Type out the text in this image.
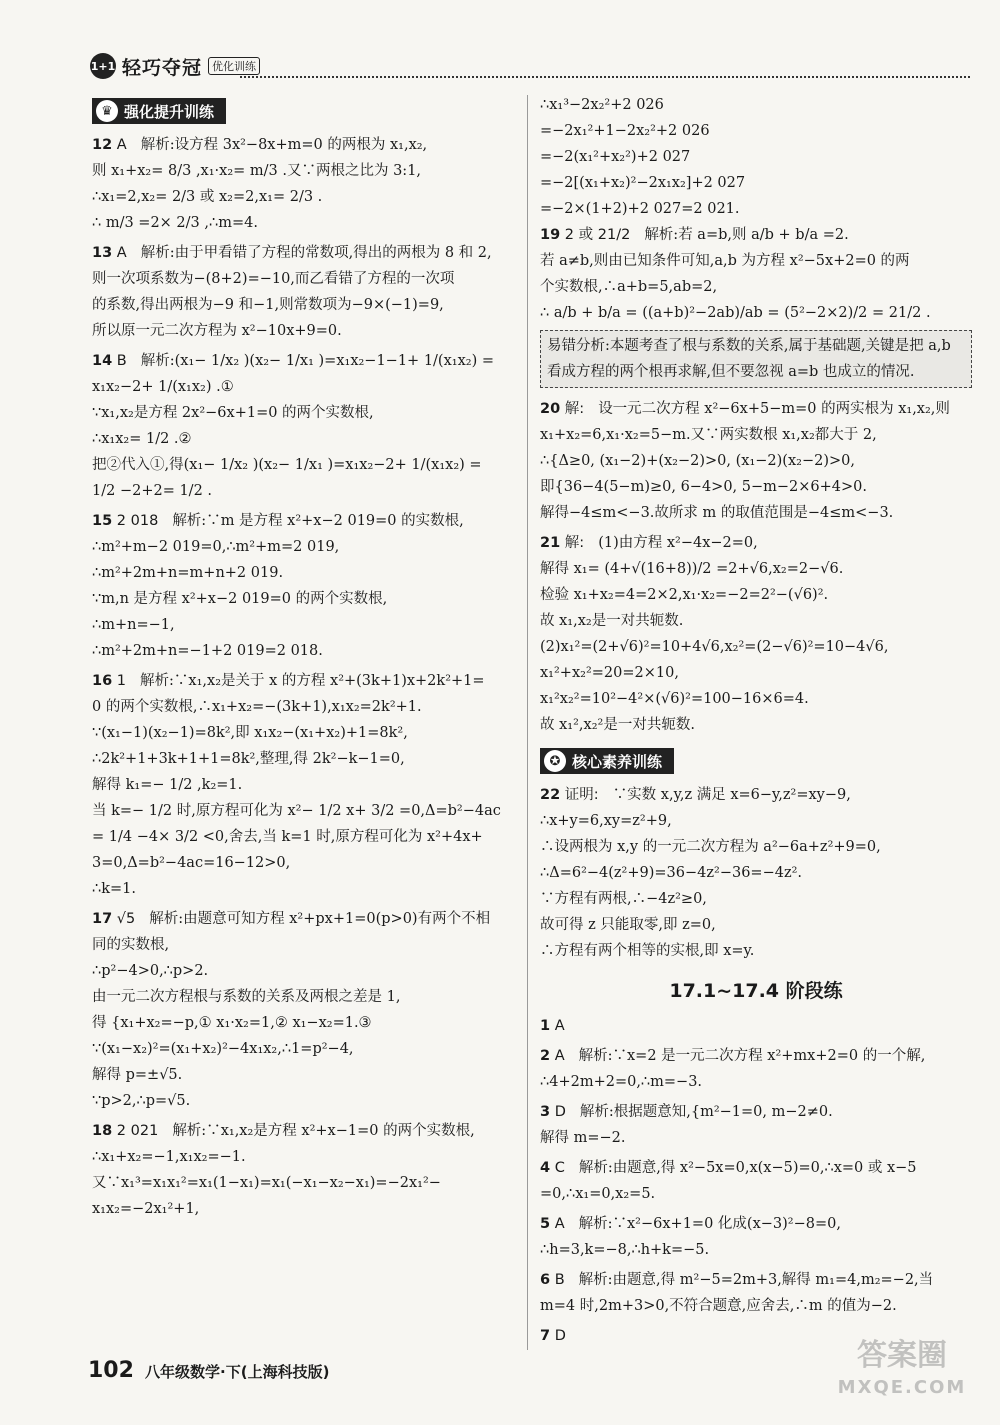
1+1 轻巧夺冠 优化训练
♛ 强化提升训练
12 A 解析:设方程 3x²−8x+m=0 的两根为 x₁,x₂,
则 x₁+x₂= 8/3 ,x₁·x₂= m/3 .又∵两根之比为 3:1,
∴x₁=2,x₂= 2/3 或 x₂=2,x₁= 2/3 .
∴ m/3 =2× 2/3 ,∴m=4.
13 A 解析:由于甲看错了方程的常数项,得出的两根为 8 和 2,
则一次项系数为−(8+2)=−10,而乙看错了方程的一次项
的系数,得出两根为−9 和−1,则常数项为−9×(−1)=9,
所以原一元二次方程为 x²−10x+9=0.
14 B 解析:(x₁− 1/x₂ )(x₂− 1/x₁ )=x₁x₂−1−1+ 1/(x₁x₂) =
x₁x₂−2+ 1/(x₁x₂) .①
∵x₁,x₂是方程 2x²−6x+1=0 的两个实数根,
∴x₁x₂= 1/2 .②
把②代入①,得(x₁− 1/x₂ )(x₂− 1/x₁ )=x₁x₂−2+ 1/(x₁x₂) =
1/2 −2+2= 1/2 .
15 2 018 解析:∵m 是方程 x²+x−2 019=0 的实数根,
∴m²+m−2 019=0,∴m²+m=2 019,
∴m²+2m+n=m+n+2 019.
∵m,n 是方程 x²+x−2 019=0 的两个实数根,
∴m+n=−1,
∴m²+2m+n=−1+2 019=2 018.
16 1 解析:∵x₁,x₂是关于 x 的方程 x²+(3k+1)x+2k²+1=
0 的两个实数根,∴x₁+x₂=−(3k+1),x₁x₂=2k²+1.
∵(x₁−1)(x₂−1)=8k²,即 x₁x₂−(x₁+x₂)+1=8k²,
∴2k²+1+3k+1+1=8k²,整理,得 2k²−k−1=0,
解得 k₁=− 1/2 ,k₂=1.
当 k=− 1/2 时,原方程可化为 x²− 1/2 x+ 3/2 =0,Δ=b²−4ac
= 1/4 −4× 3/2 <0,舍去,当 k=1 时,原方程可化为 x²+4x+
3=0,Δ=b²−4ac=16−12>0,
∴k=1.
17 √5 解析:由题意可知方程 x²+px+1=0(p>0)有两个不相
同的实数根,
∴p²−4>0,∴p>2.
由一元二次方程根与系数的关系及两根之差是 1,
得 {x₁+x₂=−p,① x₁·x₂=1,② x₁−x₂=1.③
∵(x₁−x₂)²=(x₁+x₂)²−4x₁x₂,∴1=p²−4,
解得 p=±√5.
∵p>2,∴p=√5.
18 2 021 解析:∵x₁,x₂是方程 x²+x−1=0 的两个实数根,
∴x₁+x₂=−1,x₁x₂=−1.
又∵x₁³=x₁x₁²=x₁(1−x₁)=x₁(−x₁−x₂−x₁)=−2x₁²−
x₁x₂=−2x₁²+1,
∴x₁³−2x₂²+2 026
=−2x₁²+1−2x₂²+2 026
=−2(x₁²+x₂²)+2 027
=−2[(x₁+x₂)²−2x₁x₂]+2 027
=−2×(1+2)+2 027=2 021.
19 2 或 21/2 解析:若 a=b,则 a/b + b/a =2.
若 a≠b,则由已知条件可知,a,b 为方程 x²−5x+2=0 的两
个实数根,∴a+b=5,ab=2,
∴ a/b + b/a = ((a+b)²−2ab)/ab = (5²−2×2)/2 = 21/2 .
易错分析:本题考查了根与系数的关系,属于基础题,关键是把 a,b 看成方程的两个根再求解,但不要忽视 a=b 也成立的情况.
20 解: 设一元二次方程 x²−6x+5−m=0 的两实根为 x₁,x₂,则
x₁+x₂=6,x₁·x₂=5−m.又∵两实数根 x₁,x₂都大于 2,
∴{Δ≥0, (x₁−2)+(x₂−2)>0, (x₁−2)(x₂−2)>0,
即{36−4(5−m)≥0, 6−4>0, 5−m−2×6+4>0.
解得−4≤m<−3.故所求 m 的取值范围是−4≤m<−3.
21 解: (1)由方程 x²−4x−2=0,
解得 x₁= (4+√(16+8))/2 =2+√6,x₂=2−√6.
检验 x₁+x₂=4=2×2,x₁·x₂=−2=2²−(√6)².
故 x₁,x₂是一对共轭数.
(2)x₁²=(2+√6)²=10+4√6,x₂²=(2−√6)²=10−4√6,
x₁²+x₂²=20=2×10,
x₁²x₂²=10²−4²×(√6)²=100−16×6=4.
故 x₁²,x₂²是一对共轭数.
✪ 核心素养训练
22 证明: ∵实数 x,y,z 满足 x=6−y,z²=xy−9,
∴x+y=6,xy=z²+9,
∴设两根为 x,y 的一元二次方程为 a²−6a+z²+9=0,
∴Δ=6²−4(z²+9)=36−4z²−36=−4z².
∵方程有两根,∴−4z²≥0,
故可得 z 只能取零,即 z=0,
∴方程有两个相等的实根,即 x=y.
17.1~17.4 阶段练
1 A
2 A 解析:∵x=2 是一元二次方程 x²+mx+2=0 的一个解,
∴4+2m+2=0,∴m=−3.
3 D 解析:根据题意知,{m²−1=0, m−2≠0.
解得 m=−2.
4 C 解析:由题意,得 x²−5x=0,x(x−5)=0,∴x=0 或 x−5
=0,∴x₁=0,x₂=5.
5 A 解析:∵x²−6x+1=0 化成(x−3)²−8=0,
∴h=3,k=−8,∴h+k=−5.
6 B 解析:由题意,得 m²−5=2m+3,解得 m₁=4,m₂=−2,当
m=4 时,2m+3>0,不符合题意,应舍去,∴m 的值为−2.
7 D
102 八年级数学·下(上海科技版)	答案圈
MXQE.COM
